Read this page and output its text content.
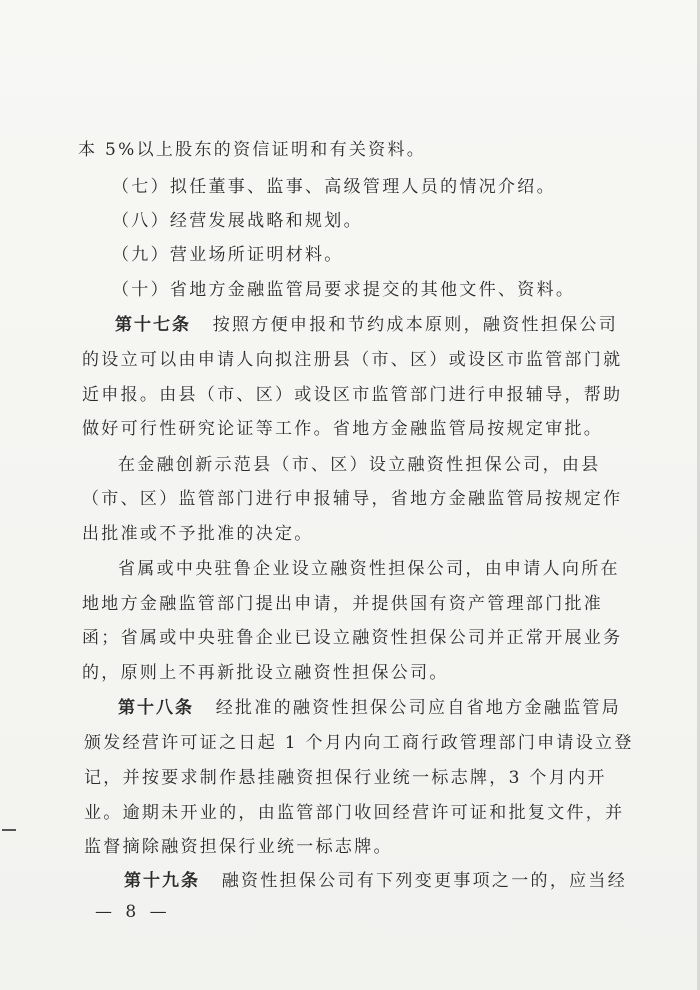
本 5%以上股东的资信证明和有关资料。
（七）拟任董事、监事、高级管理人员的情况介绍。
（八）经营发展战略和规划。
（九）营业场所证明材料。
（十）省地方金融监管局要求提交的其他文件、资料。
第十七条 按照方便申报和节约成本原则，融资性担保公司
的设立可以由申请人向拟注册县（市、区）或设区市监管部门就
近申报。由县（市、区）或设区市监管部门进行申报辅导，帮助
做好可行性研究论证等工作。省地方金融监管局按规定审批。
在金融创新示范县（市、区）设立融资性担保公司，由县
（市、区）监管部门进行申报辅导，省地方金融监管局按规定作
出批准或不予批准的决定。
省属或中央驻鲁企业设立融资性担保公司，由申请人向所在
地地方金融监管部门提出申请，并提供国有资产管理部门批准
函；省属或中央驻鲁企业已设立融资性担保公司并正常开展业务
的，原则上不再新批设立融资性担保公司。
第十八条 经批准的融资性担保公司应自省地方金融监管局
颁发经营许可证之日起 1 个月内向工商行政管理部门申请设立登
记，并按要求制作悬挂融资担保行业统一标志牌，3 个月内开
业。逾期未开业的，由监管部门收回经营许可证和批复文件，并
监督摘除融资担保行业统一标志牌。
第十九条 融资性担保公司有下列变更事项之一的，应当经
— 8 —
